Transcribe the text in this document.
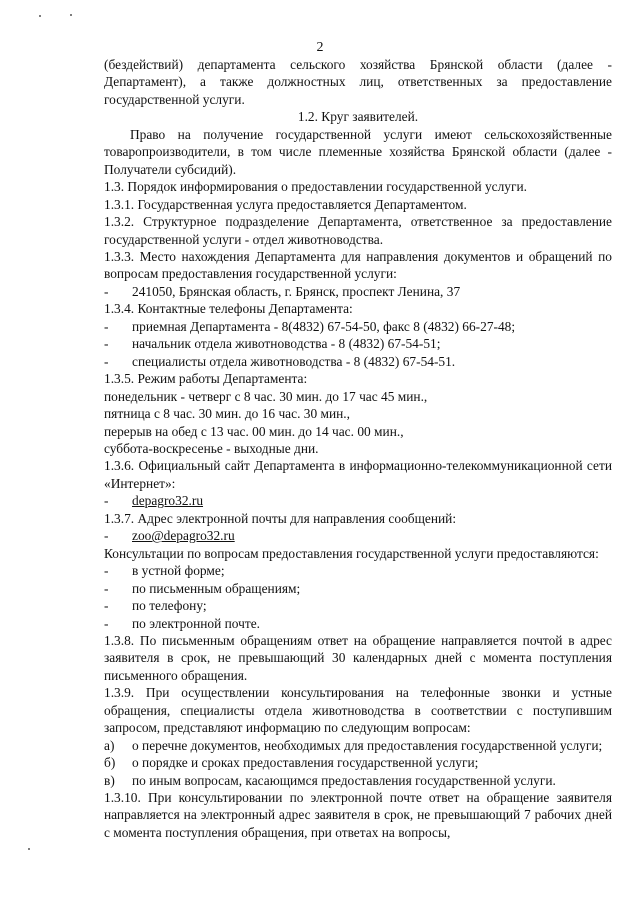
2

(бездействий) департамента сельского хозяйства Брянской области (далее - Департамент), а также должностных лиц, ответственных за предоставление государственной услуги.

1.2. Круг заявителей.

Право на получение государственной услуги имеют сельскохозяйственные товаропроизводители, в том числе племенные хозяйства Брянской области (далее - Получатели субсидий).

1.3. Порядок информирования о предоставлении государственной услуги.

1.3.1. Государственная услуга предоставляется Департаментом.

1.3.2. Структурное подразделение Департамента, ответственное за предоставление государственной услуги - отдел животноводства.

1.3.3. Место нахождения Департамента для направления документов и обращений по вопросам предоставления государственной услуги:

-	241050, Брянская область, г. Брянск, проспект Ленина, 37

1.3.4. Контактные телефоны Департамента:

-	приемная Департамента - 8(4832) 67-54-50, факс 8 (4832) 66-27-48;
-	начальник отдела животноводства - 8 (4832) 67-54-51;
-	специалисты отдела животноводства - 8 (4832) 67-54-51.

1.3.5. Режим работы Департамента:

понедельник - четверг с 8 час. 30 мин. до 17 час 45 мин.,

пятница с 8 час. 30 мин. до 16 час. 30 мин.,

перерыв на обед с 13 час. 00 мин. до 14 час. 00 мин.,

суббота-воскресенье - выходные дни.

1.3.6. Официальный сайт Департамента в информационно-телекоммуникационной сети «Интернет»:

-	depagro32.ru

1.3.7. Адрес электронной почты для направления сообщений:

-	zoo@depagro32.ru

Консультации по вопросам предоставления государственной услуги предоставляются:

-	в устной форме;
-	по письменным обращениям;
-	по телефону;
-	по электронной почте.

1.3.8. По письменным обращениям ответ на обращение направляется почтой в адрес заявителя в срок, не превышающий 30 календарных дней с момента поступления письменного обращения.

1.3.9. При осуществлении консультирования на телефонные звонки и устные обращения, специалисты отдела животноводства в соответствии с поступившим запросом, представляют информацию по следующим вопросам:

а)	о перечне документов, необходимых для предоставления государственной услуги;
б)	о порядке и сроках предоставления государственной услуги;
в)	по иным вопросам, касающимся предоставления государственной услуги.

1.3.10. При консультировании по электронной почте ответ на обращение заявителя направляется на электронный адрес заявителя в срок, не превышающий 7 рабочих дней с момента поступления обращения, при ответах на вопросы,
